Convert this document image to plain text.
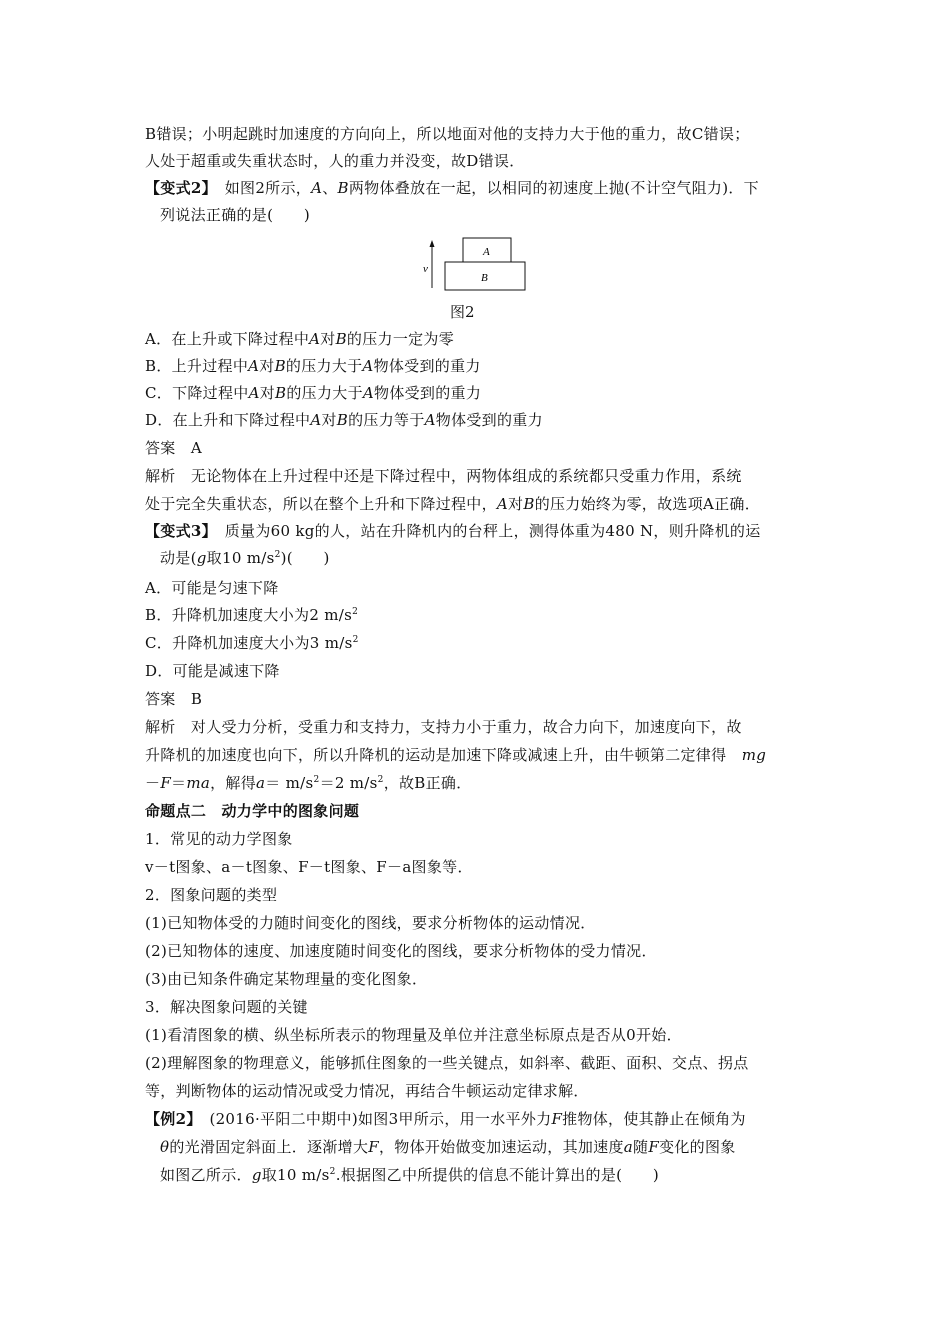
B错误；小明起跳时加速度的方向向上，所以地面对他的支持力大于他的重力，故C错误；
人处于超重或失重状态时，人的重力并没变，故D错误．
【变式2】　如图2所示，A、B两物体叠放在一起，以相同的初速度上抛(不计空气阻力)．下
列说法正确的是(　　)
v
A
B
图2
A．在上升或下降过程中A对B的压力一定为零
B．上升过程中A对B的压力大于A物体受到的重力
C．下降过程中A对B的压力大于A物体受到的重力
D．在上升和下降过程中A对B的压力等于A物体受到的重力
答案　A
解析　无论物体在上升过程中还是下降过程中，两物体组成的系统都只受重力作用，系统
处于完全失重状态，所以在整个上升和下降过程中，A对B的压力始终为零，故选项A正确．
【变式3】　质量为60 kg的人，站在升降机内的台秤上，测得体重为480 N，则升降机的运
动是(g取10 $m/s^2$)(　　)
A．可能是匀速下降
B．升降机加速度大小为2 $m/s^2$
C．升降机加速度大小为3 $m/s^2$
D．可能是减速下降
答案　B
解析　对人受力分析，受重力和支持力，支持力小于重力，故合力向下，加速度向下，故
升降机的加速度也向下，所以升降机的运动是加速下降或减速上升，由牛顿第二定律得　 mg
－F＝ma，解得$a= m/s^2=2$ $m/s^2$，故B正确．
命题点二　动力学中的图象问题
1．常见的动力学图象
v－t图象、a－t图象、F－t图象、F－a图象等．
2．图象问题的类型
(1)已知物体受的力随时间变化的图线，要求分析物体的运动情况．
(2)已知物体的速度、加速度随时间变化的图线，要求分析物体的受力情况．
(3)由已知条件确定某物理量的变化图象．
3．解决图象问题的关键
(1)看清图象的横、纵坐标所表示的物理量及单位并注意坐标原点是否从0开始．
(2)理解图象的物理意义，能够抓住图象的一些关键点，如斜率、截距、面积、交点、拐点
等，判断物体的运动情况或受力情况，再结合牛顿运动定律求解．
【例2】　(2016·平阳二中期中)如图3甲所示，用一水平外力F推物体，使其静止在倾角为
θ的光滑固定斜面上．逐渐增大F，物体开始做变加速运动，其加速度a随F变化的图象
如图乙所示．g取10 $m/s^2$.根据图乙中所提供的信息不能计算出的是(　　)
